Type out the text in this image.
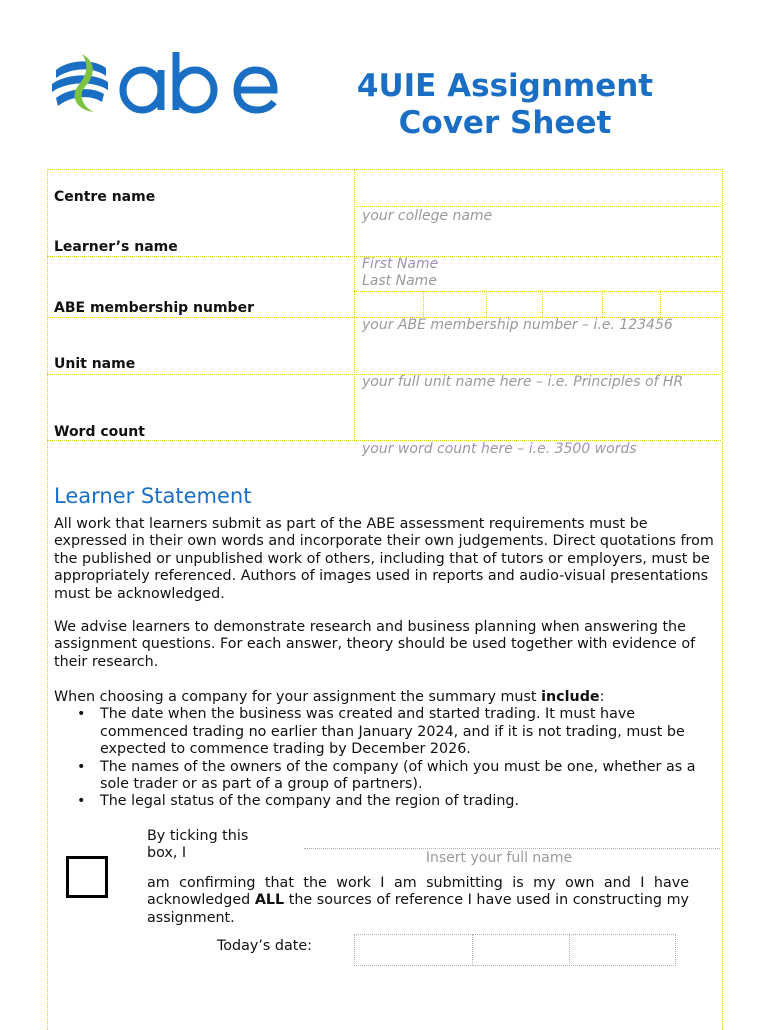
4UIE Assignment
Cover Sheet
Centre name
Learner’s name
ABE membership number
Unit name
Word count
your college name
First Name
Last Name
your ABE membership number – i.e. 123456
your full unit name here – i.e. Principles of HR
your word count here – i.e. 3500 words
Learner Statement
All work that learners submit as part of the ABE assessment requirements must be expressed in their own words and incorporate their own judgements. Direct quotations from the published or unpublished work of others, including that of tutors or employers, must be appropriately referenced. Authors of images used in reports and audio-visual presentations must be acknowledged.
We advise learners to demonstrate research and business planning when answering the assignment questions. For each answer, theory should be used together with evidence of their research.
When choosing a company for your assignment the summary must include:
• The date when the business was created and started trading. It must have commenced trading no earlier than January 2024, and if it is not trading, must be expected to commence trading by December 2026.
• The names of the owners of the company (of which you must be one, whether as a sole trader or as part of a group of partners).
• The legal status of the company and the region of trading.
By ticking this box, I	Insert your full name
am confirming that the work I am submitting is my own and I have acknowledged ALL the sources of reference I have used in constructing my assignment.
Today’s date:
